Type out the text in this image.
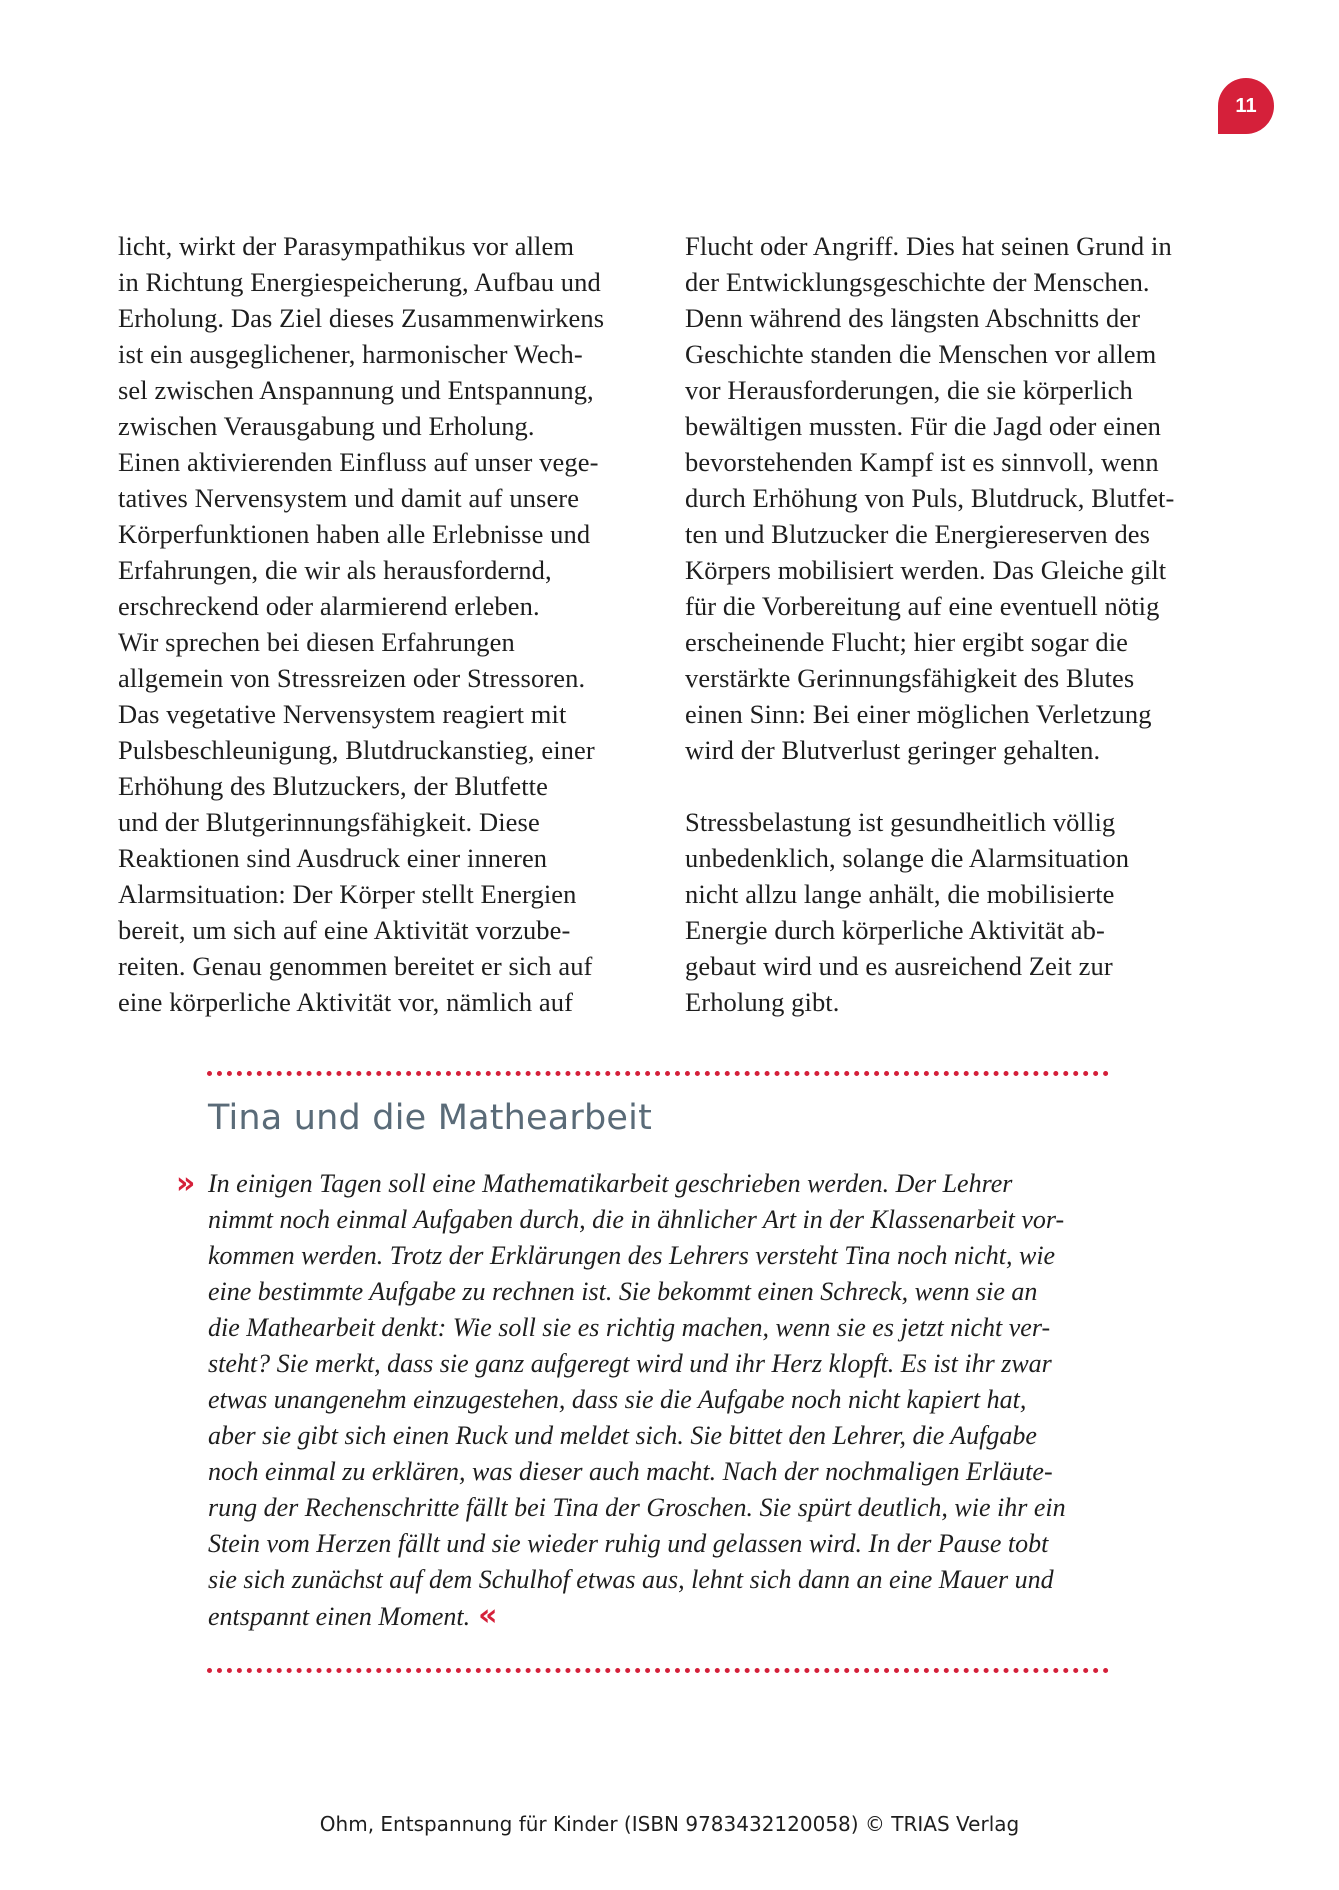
11
licht, wirkt der Parasympathikus vor allem
in Richtung Energiespeicherung, Aufbau und
Erholung. Das Ziel dieses Zusammenwirkens
ist ein ausgeglichener, harmonischer Wech-
sel zwischen Anspannung und Entspannung,
zwischen Verausgabung und Erholung.
Einen aktivierenden Einfluss auf unser vege-
tatives Nervensystem und damit auf unsere
Körperfunktionen haben alle Erlebnisse und
Erfahrungen, die wir als herausfordernd,
erschreckend oder alarmierend erleben.
Wir sprechen bei diesen Erfahrungen
allgemein von Stressreizen oder Stressoren.
Das vegetative Nervensystem reagiert mit
Pulsbeschleunigung, Blutdruckanstieg, einer
Erhöhung des Blutzuckers, der Blutfette
und der Blutgerinnungsfähigkeit. Diese
Reaktionen sind Ausdruck einer inneren
Alarmsituation: Der Körper stellt Energien
bereit, um sich auf eine Aktivität vorzube-
reiten. Genau genommen bereitet er sich auf
eine körperliche Aktivität vor, nämlich auf
Flucht oder Angriff. Dies hat seinen Grund in
der Entwicklungsgeschichte der Menschen.
Denn während des längsten Abschnitts der
Geschichte standen die Menschen vor allem
vor Herausforderungen, die sie körperlich
bewältigen mussten. Für die Jagd oder einen
bevorstehenden Kampf ist es sinnvoll, wenn
durch Erhöhung von Puls, Blutdruck, Blutfet-
ten und Blutzucker die Energiereserven des
Körpers mobilisiert werden. Das Gleiche gilt
für die Vorbereitung auf eine eventuell nötig
erscheinende Flucht; hier ergibt sogar die
verstärkte Gerinnungsfähigkeit des Blutes
einen Sinn: Bei einer möglichen Verletzung
wird der Blutverlust geringer gehalten.
Stressbelastung ist gesundheitlich völlig
unbedenklich, solange die Alarmsituation
nicht allzu lange anhält, die mobilisierte
Energie durch körperliche Aktivität ab-
gebaut wird und es ausreichend Zeit zur
Erholung gibt.
Tina und die Mathearbeit
» In einigen Tagen soll eine Mathematikarbeit geschrieben werden. Der Lehrer
nimmt noch einmal Aufgaben durch, die in ähnlicher Art in der Klassenarbeit vor-
kommen werden. Trotz der Erklärungen des Lehrers versteht Tina noch nicht, wie
eine bestimmte Aufgabe zu rechnen ist. Sie bekommt einen Schreck, wenn sie an
die Mathearbeit denkt: Wie soll sie es richtig machen, wenn sie es jetzt nicht ver-
steht? Sie merkt, dass sie ganz aufgeregt wird und ihr Herz klopft. Es ist ihr zwar
etwas unangenehm einzugestehen, dass sie die Aufgabe noch nicht kapiert hat,
aber sie gibt sich einen Ruck und meldet sich. Sie bittet den Lehrer, die Aufgabe
noch einmal zu erklären, was dieser auch macht. Nach der nochmaligen Erläute-
rung der Rechenschritte fällt bei Tina der Groschen. Sie spürt deutlich, wie ihr ein
Stein vom Herzen fällt und sie wieder ruhig und gelassen wird. In der Pause tobt
sie sich zunächst auf dem Schulhof etwas aus, lehnt sich dann an eine Mauer und
entspannt einen Moment. «
Ohm, Entspannung für Kinder (ISBN 9783432120058) © TRIAS Verlag
